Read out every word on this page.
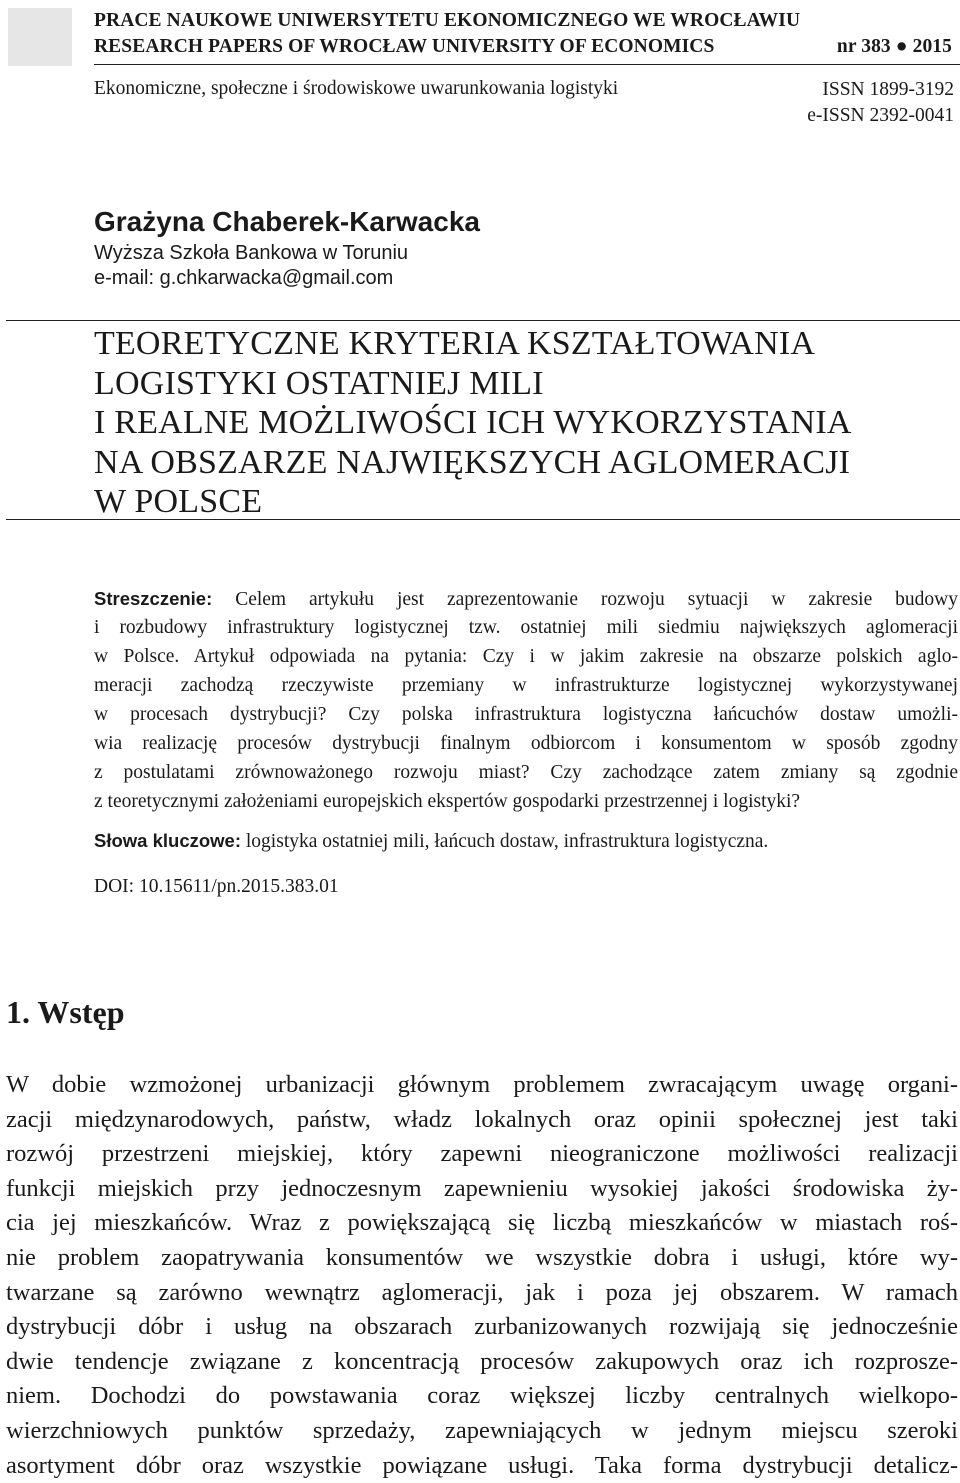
PRACE NAUKOWE UNIWERSYTETU EKONOMICZNEGO WE WROCŁAWIU
RESEARCH PAPERS OF WROCŁAW UNIVERSITY OF ECONOMICS	nr 383 ● 2015
Ekonomiczne, społeczne i środowiskowe uwarunkowania logistyki	ISSN 1899-3192
e-ISSN 2392-0041
Grażyna Chaberek-Karwacka
Wyższa Szkoła Bankowa w Toruniu
e-mail: g.chkarwacka@gmail.com
TEORETYCZNE KRYTERIA KSZTAŁTOWANIA
LOGISTYKI OSTATNIEJ MILI
I REALNE MOŻLIWOŚCI ICH WYKORZYSTANIA
NA OBSZARZE NAJWIĘKSZYCH AGLOMERACJI
W POLSCE
Streszczenie: Celem artykułu jest zaprezentowanie rozwoju sytuacji w zakresie budowy
i rozbudowy infrastruktury logistycznej tzw. ostatniej mili siedmiu największych aglomeracji
w Polsce. Artykuł odpowiada na pytania: Czy i w jakim zakresie na obszarze polskich aglo-
meracji zachodzą rzeczywiste przemiany w infrastrukturze logistycznej wykorzystywanej
w procesach dystrybucji? Czy polska infrastruktura logistyczna łańcuchów dostaw umożli-
wia realizację procesów dystrybucji finalnym odbiorcom i konsumentom w sposób zgodny
z postulatami zrównoważonego rozwoju miast? Czy zachodzące zatem zmiany są zgodnie
z teoretycznymi założeniami europejskich ekspertów gospodarki przestrzennej i logistyki?
Słowa kluczowe: logistyka ostatniej mili, łańcuch dostaw, infrastruktura logistyczna.
DOI: 10.15611/pn.2015.383.01
1. Wstęp
W dobie wzmożonej urbanizacji głównym problemem zwracającym uwagę organi-
zacji międzynarodowych, państw, władz lokalnych oraz opinii społecznej jest taki
rozwój przestrzeni miejskiej, który zapewni nieograniczone możliwości realizacji
funkcji miejskich przy jednoczesnym zapewnieniu wysokiej jakości środowiska ży-
cia jej mieszkańców. Wraz z powiększającą się liczbą mieszkańców w miastach roś-
nie problem zaopatrywania konsumentów we wszystkie dobra i usługi, które wy-
twarzane są zarówno wewnątrz aglomeracji, jak i poza jej obszarem. W ramach
dystrybucji dóbr i usług na obszarach zurbanizowanych rozwijają się jednocześnie
dwie tendencje związane z koncentracją procesów zakupowych oraz ich rozprosze-
niem. Dochodzi do powstawania coraz większej liczby centralnych wielkopo-
wierzchniowych punktów sprzedaży, zapewniających w jednym miejscu szeroki
asortyment dóbr oraz wszystkie powiązane usługi. Taka forma dystrybucji detalicz-
